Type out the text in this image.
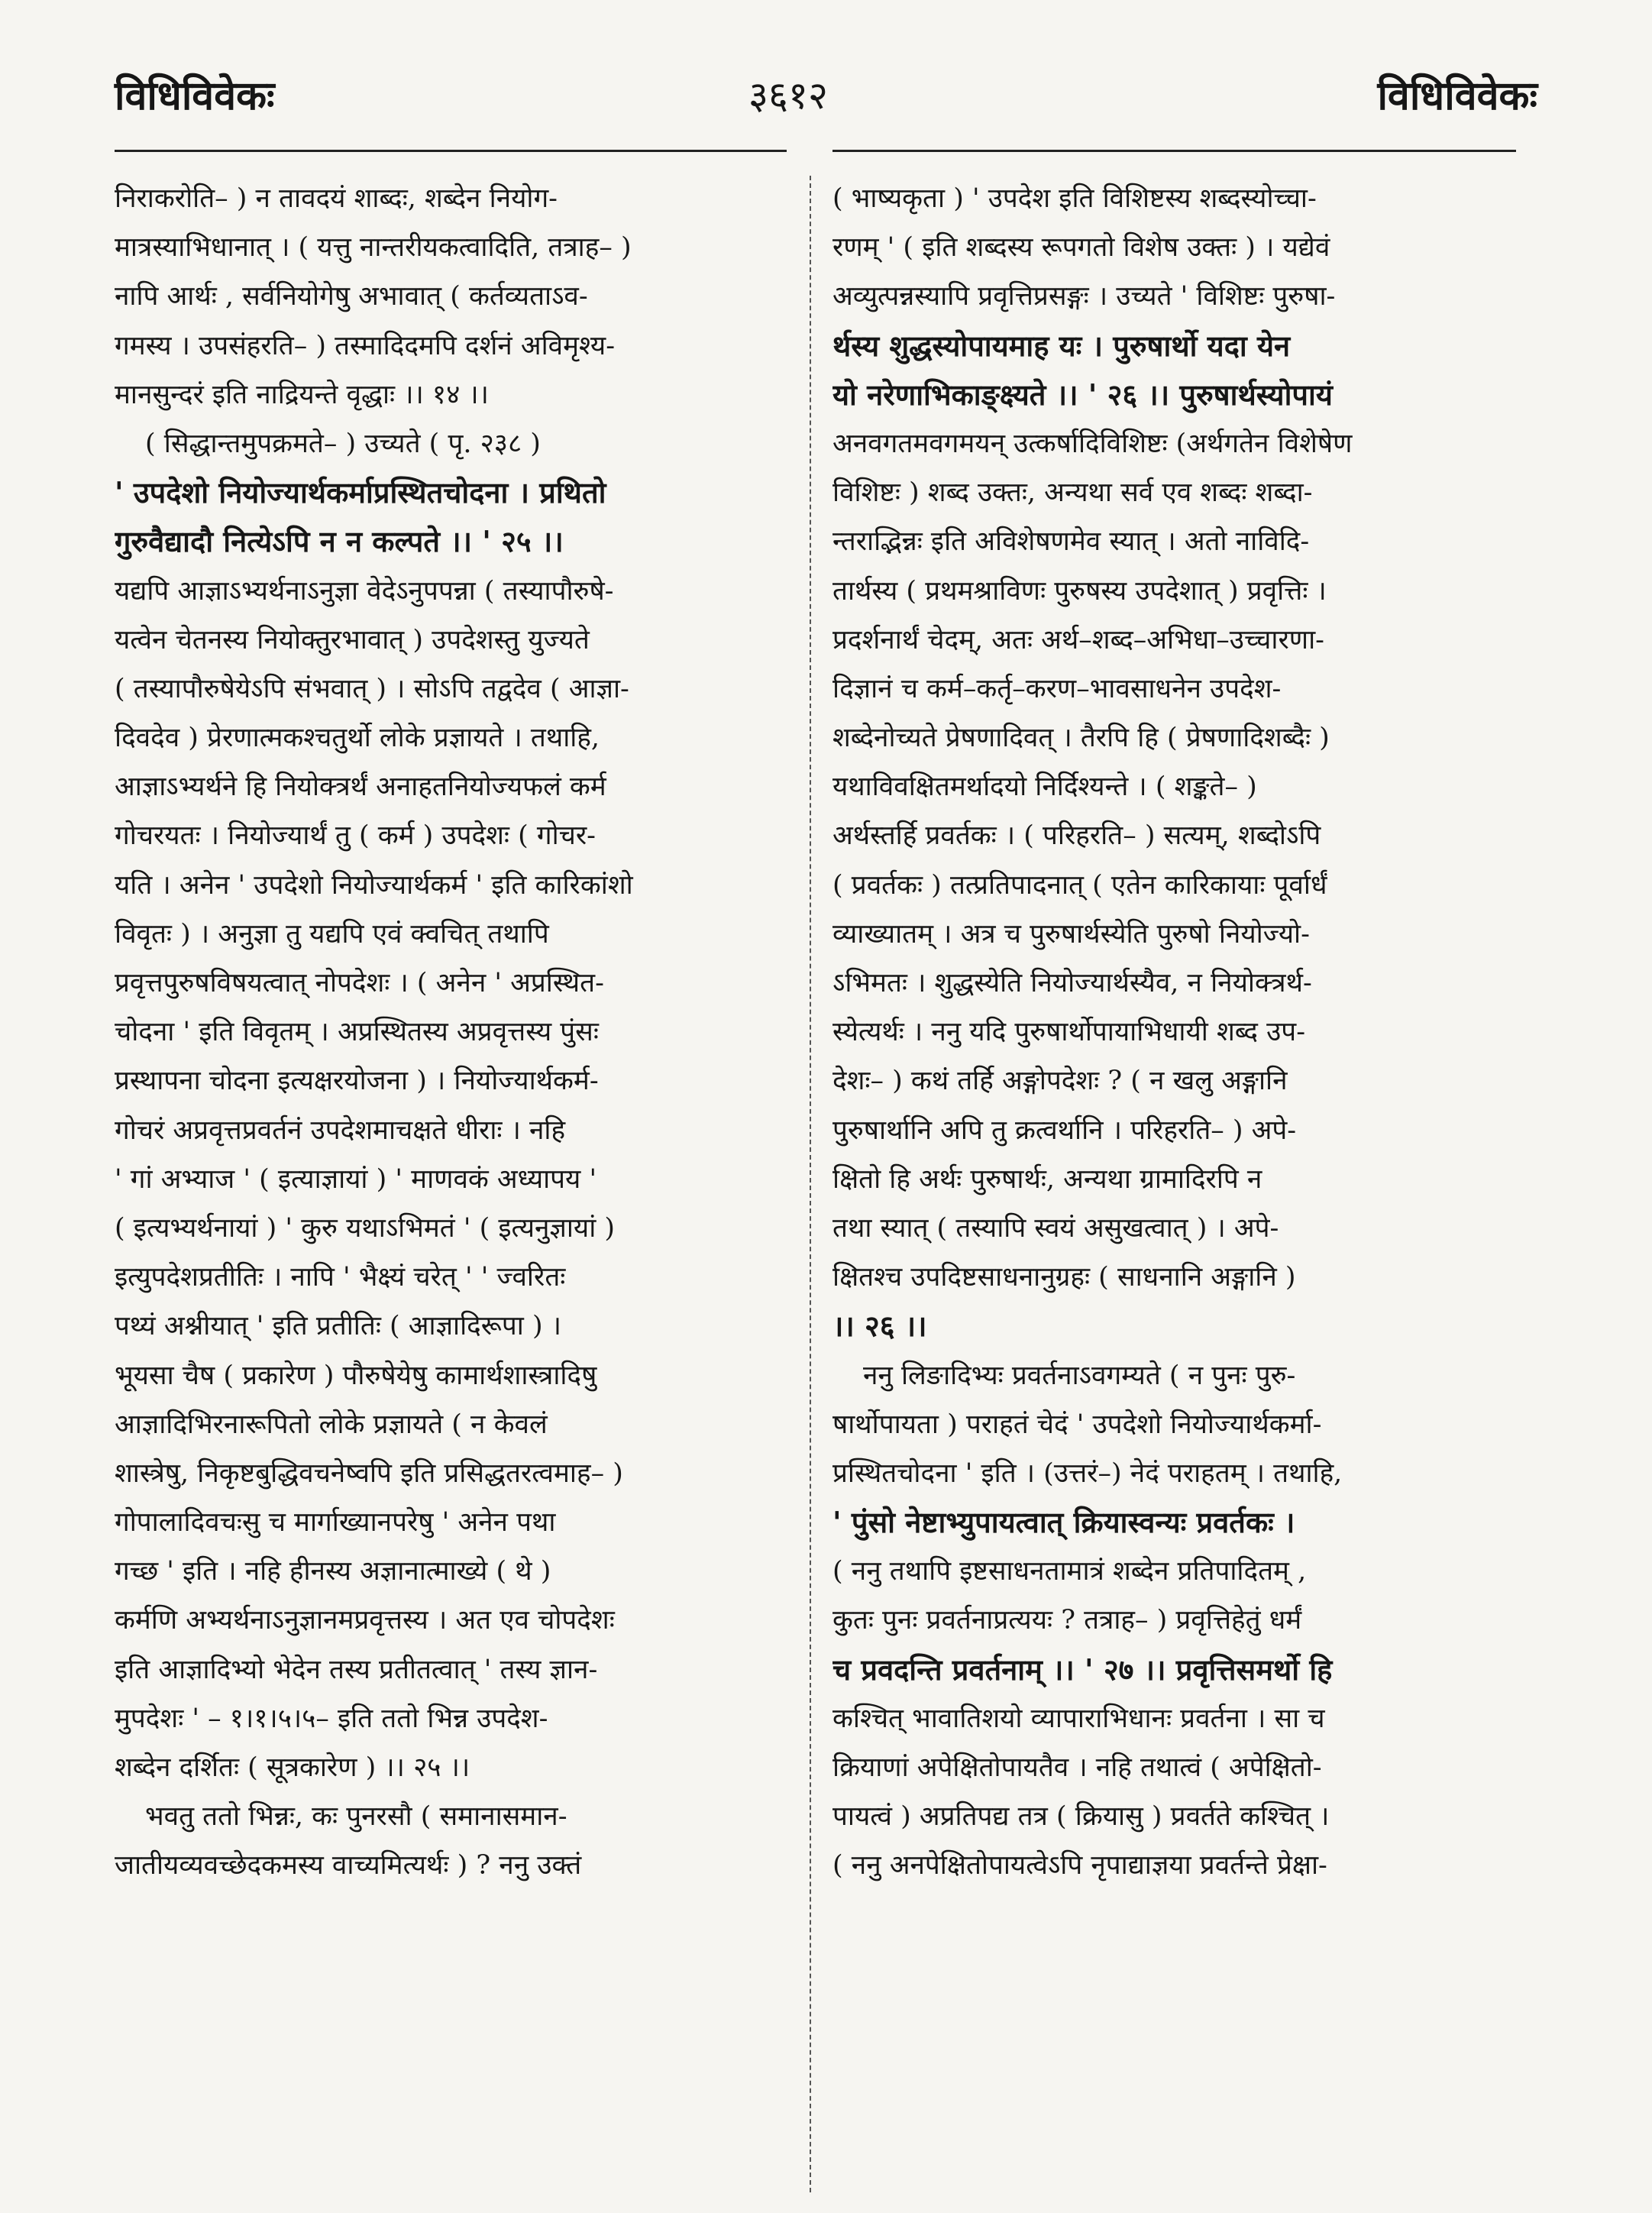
विधिविवेकः	३६१२	विधिविवेकः
निराकरोति– ) न तावदयं शाब्दः, शब्देन नियोग-
मात्रस्याभिधानात् । ( यत्तु नान्तरीयकत्वादिति, तत्राह– )
नापि आर्थः , सर्वनियोगेषु अभावात् ( कर्तव्यताऽव-
गमस्य । उपसंहरति– ) तस्मादिदमपि दर्शनं अविमृश्य-
मानसुन्दरं इति नाद्रियन्ते वृद्धाः ।। १४ ।।
( सिद्धान्तमुपक्रमते– ) उच्यते ( पृ. २३८ )
' उपदेशो नियोज्यार्थकर्माप्रस्थितचोदना । प्रथितो
गुरुवैद्यादौ नित्येऽपि न न कल्पते ।। ' २५ ।।
यद्यपि आज्ञाऽभ्यर्थनाऽनुज्ञा वेदेऽनुपपन्ना ( तस्यापौरुषे-
यत्वेन चेतनस्य नियोक्तुरभावात् ) उपदेशस्तु युज्यते
( तस्यापौरुषेयेऽपि संभवात् ) । सोऽपि तद्वदेव ( आज्ञा-
दिवदेव ) प्रेरणात्मकश्चतुर्थो लोके प्रज्ञायते । तथाहि,
आज्ञाऽभ्यर्थने हि नियोक्त्रर्थं अनाहतनियोज्यफलं कर्म
गोचरयतः । नियोज्यार्थं तु ( कर्म ) उपदेशः ( गोचर-
यति । अनेन ' उपदेशो नियोज्यार्थकर्म ' इति कारिकांशो
विवृतः ) । अनुज्ञा तु यद्यपि एवं क्वचित् तथापि
प्रवृत्तपुरुषविषयत्वात् नोपदेशः । ( अनेन ' अप्रस्थित-
चोदना ' इति विवृतम् । अप्रस्थितस्य अप्रवृत्तस्य पुंसः
प्रस्थापना चोदना इत्यक्षरयोजना ) । नियोज्यार्थकर्म-
गोचरं अप्रवृत्तप्रवर्तनं उपदेशमाचक्षते धीराः । नहि
' गां अभ्याज ' ( इत्याज्ञायां ) ' माणवकं अध्यापय '
( इत्यभ्यर्थनायां ) ' कुरु यथाऽभिमतं ' ( इत्यनुज्ञायां )
इत्युपदेशप्रतीतिः । नापि ' भैक्ष्यं चरेत् ' ' ज्वरितः
पथ्यं अश्नीयात् ' इति प्रतीतिः ( आज्ञादिरूपा ) ।
भूयसा चैष ( प्रकारेण ) पौरुषेयेषु कामार्थशास्त्रादिषु
आज्ञादिभिरनारूपितो लोके प्रज्ञायते ( न केवलं
शास्त्रेषु, निकृष्टबुद्धिवचनेष्वपि इति प्रसिद्धतरत्वमाह– )
गोपालादिवचःसु च मार्गाख्यानपरेषु ' अनेन पथा
गच्छ ' इति । नहि हीनस्य अज्ञानात्माख्ये ( थे )
कर्मणि अभ्यर्थनाऽनुज्ञानमप्रवृत्तस्य । अत एव चोपदेशः
इति आज्ञादिभ्यो भेदेन तस्य प्रतीतत्वात् ' तस्य ज्ञान-
मुपदेशः ' – १।१।५।५– इति ततो भिन्न उपदेश-
शब्देन दर्शितः ( सूत्रकारेण ) ।। २५ ।।
भवतु ततो भिन्नः, कः पुनरसौ ( समानासमान-
जातीयव्यवच्छेदकमस्य वाच्यमित्यर्थः ) ? ननु उक्तं
( भाष्यकृता ) ' उपदेश इति विशिष्टस्य शब्दस्योच्चा-
रणम् ' ( इति शब्दस्य रूपगतो विशेष उक्तः ) । यद्येवं
अव्युत्पन्नस्यापि प्रवृत्तिप्रसङ्गः । उच्यते ' विशिष्टः पुरुषा-
र्थस्य शुद्धस्योपायमाह यः । पुरुषार्थो यदा येन
यो नरेणाभिकाङ्क्ष्यते ।। ' २६ ।। पुरुषार्थस्योपायं
अनवगतमवगमयन् उत्कर्षादिविशिष्टः (अर्थगतेन विशेषेण
विशिष्टः ) शब्द उक्तः, अन्यथा सर्व एव शब्दः शब्दा-
न्तराद्भिन्नः इति अविशेषणमेव स्यात् । अतो नाविदि-
तार्थस्य ( प्रथमश्राविणः पुरुषस्य उपदेशात् ) प्रवृत्तिः ।
प्रदर्शनार्थं चेदम्, अतः अर्थ–शब्द–अभिधा–उच्चारणा-
दिज्ञानं च कर्म–कर्तृ–करण–भावसाधनेन उपदेश-
शब्देनोच्यते प्रेषणादिवत् । तैरपि हि ( प्रेषणादिशब्दैः )
यथाविवक्षितमर्थादयो निर्दिश्यन्ते । ( शङ्कते– )
अर्थस्तर्हि प्रवर्तकः । ( परिहरति– ) सत्यम्, शब्दोऽपि
( प्रवर्तकः ) तत्प्रतिपादनात् ( एतेन कारिकायाः पूर्वार्धं
व्याख्यातम् । अत्र च पुरुषार्थस्येति पुरुषो नियोज्यो-
ऽभिमतः । शुद्धस्येति नियोज्यार्थस्यैव, न नियोक्त्रर्थ-
स्येत्यर्थः । ननु यदि पुरुषार्थोपायाभिधायी शब्द उप-
देशः– ) कथं तर्हि अङ्गोपदेशः ? ( न खलु अङ्गानि
पुरुषार्थानि अपि तु क्रत्वर्थानि । परिहरति– ) अपे-
क्षितो हि अर्थः पुरुषार्थः, अन्यथा ग्रामादिरपि न
तथा स्यात् ( तस्यापि स्वयं असुखत्वात् ) । अपे-
क्षितश्च उपदिष्टसाधनानुग्रहः ( साधनानि अङ्गानि )
।। २६ ।।
ननु लिङादिभ्यः प्रवर्तनाऽवगम्यते ( न पुनः पुरु-
षार्थोपायता ) पराहतं चेदं ' उपदेशो नियोज्यार्थकर्मा-
प्रस्थितचोदना ' इति । (उत्तरं–) नेदं पराहतम् । तथाहि,
' पुंसो नेष्टाभ्युपायत्वात् क्रियास्वन्यः प्रवर्तकः ।
( ननु तथापि इष्टसाधनतामात्रं शब्देन प्रतिपादितम् ,
कुतः पुनः प्रवर्तनाप्रत्ययः ? तत्राह– ) प्रवृत्तिहेतुं धर्मं
च प्रवदन्ति प्रवर्तनाम् ।। ' २७ ।। प्रवृत्तिसमर्थो हि
कश्चित् भावातिशयो व्यापाराभिधानः प्रवर्तना । सा च
क्रियाणां अपेक्षितोपायतैव । नहि तथात्वं ( अपेक्षितो-
पायत्वं ) अप्रतिपद्य तत्र ( क्रियासु ) प्रवर्तते कश्चित् ।
( ननु अनपेक्षितोपायत्वेऽपि नृपाद्याज्ञया प्रवर्तन्ते प्रेक्षा-
